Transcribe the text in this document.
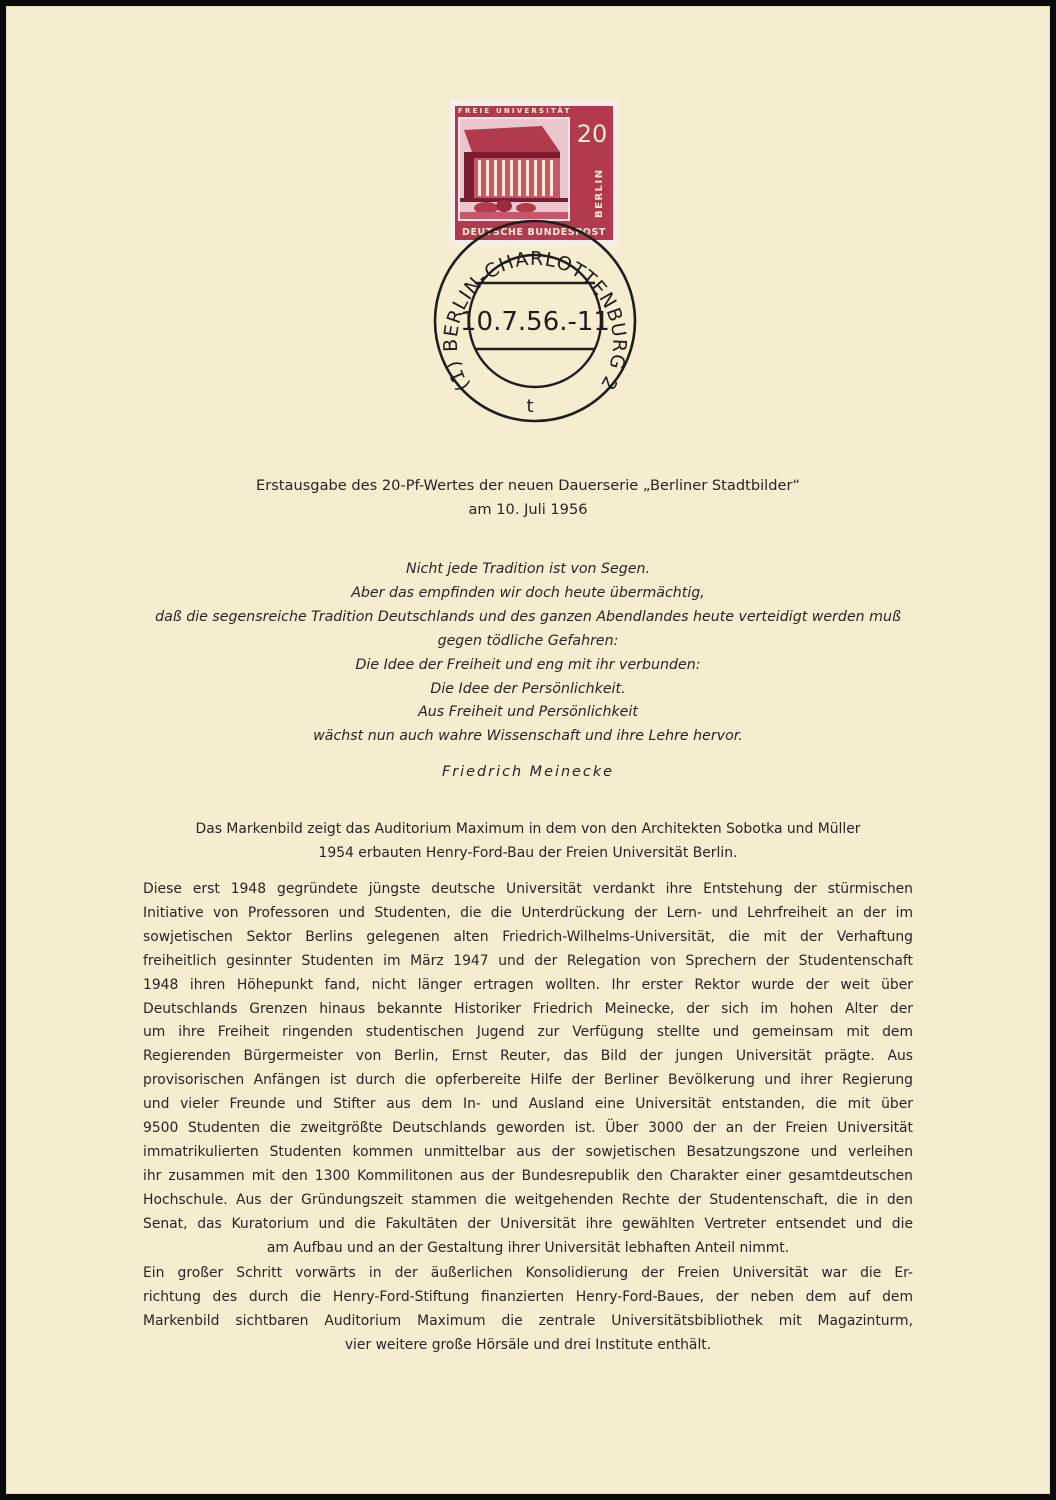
FREIE UNIVERSITÄT
20
BERLIN
DEUTSCHE BUNDESPOST
(1) BERLIN-CHARLOTTENBURG 2
10.7.56.-11
t
Erstausgabe des 20-Pf-Wertes der neuen Dauerserie „Berliner Stadtbilder“
am 10. Juli 1956
Nicht jede Tradition ist von Segen.
Aber das empfinden wir doch heute übermächtig,
daß die segensreiche Tradition Deutschlands und des ganzen Abendlandes heute verteidigt werden muß
gegen tödliche Gefahren:
Die Idee der Freiheit und eng mit ihr verbunden:
Die Idee der Persönlichkeit.
Aus Freiheit und Persönlichkeit
wächst nun auch wahre Wissenschaft und ihre Lehre hervor.
Friedrich Meinecke
Das Markenbild zeigt das Auditorium Maximum in dem von den Architekten Sobotka und Müller
1954 erbauten Henry-Ford-Bau der Freien Universität Berlin.
Diese erst 1948 gegründete jüngste deutsche Universität verdankt ihre Entstehung der stürmischen
Initiative von Professoren und Studenten, die die Unterdrückung der Lern- und Lehrfreiheit an der im
sowjetischen Sektor Berlins gelegenen alten Friedrich-Wilhelms-Universität, die mit der Verhaftung
freiheitlich gesinnter Studenten im März 1947 und der Relegation von Sprechern der Studentenschaft
1948 ihren Höhepunkt fand, nicht länger ertragen wollten. Ihr erster Rektor wurde der weit über
Deutschlands Grenzen hinaus bekannte Historiker Friedrich Meinecke, der sich im hohen Alter der
um ihre Freiheit ringenden studentischen Jugend zur Verfügung stellte und gemeinsam mit dem
Regierenden Bürgermeister von Berlin, Ernst Reuter, das Bild der jungen Universität prägte. Aus
provisorischen Anfängen ist durch die opferbereite Hilfe der Berliner Bevölkerung und ihrer Regierung
und vieler Freunde und Stifter aus dem In- und Ausland eine Universität entstanden, die mit über
9500 Studenten die zweitgrößte Deutschlands geworden ist. Über 3000 der an der Freien Universität
immatrikulierten Studenten kommen unmittelbar aus der sowjetischen Besatzungszone und verleihen
ihr zusammen mit den 1300 Kommilitonen aus der Bundesrepublik den Charakter einer gesamtdeutschen
Hochschule. Aus der Gründungszeit stammen die weitgehenden Rechte der Studentenschaft, die in den
Senat, das Kuratorium und die Fakultäten der Universität ihre gewählten Vertreter entsendet und die
am Aufbau und an der Gestaltung ihrer Universität lebhaften Anteil nimmt.
Ein großer Schritt vorwärts in der äußerlichen Konsolidierung der Freien Universität war die Er-
richtung des durch die Henry-Ford-Stiftung finanzierten Henry-Ford-Baues, der neben dem auf dem
Markenbild sichtbaren Auditorium Maximum die zentrale Universitätsbibliothek mit Magazinturm,
vier weitere große Hörsäle und drei Institute enthält.
